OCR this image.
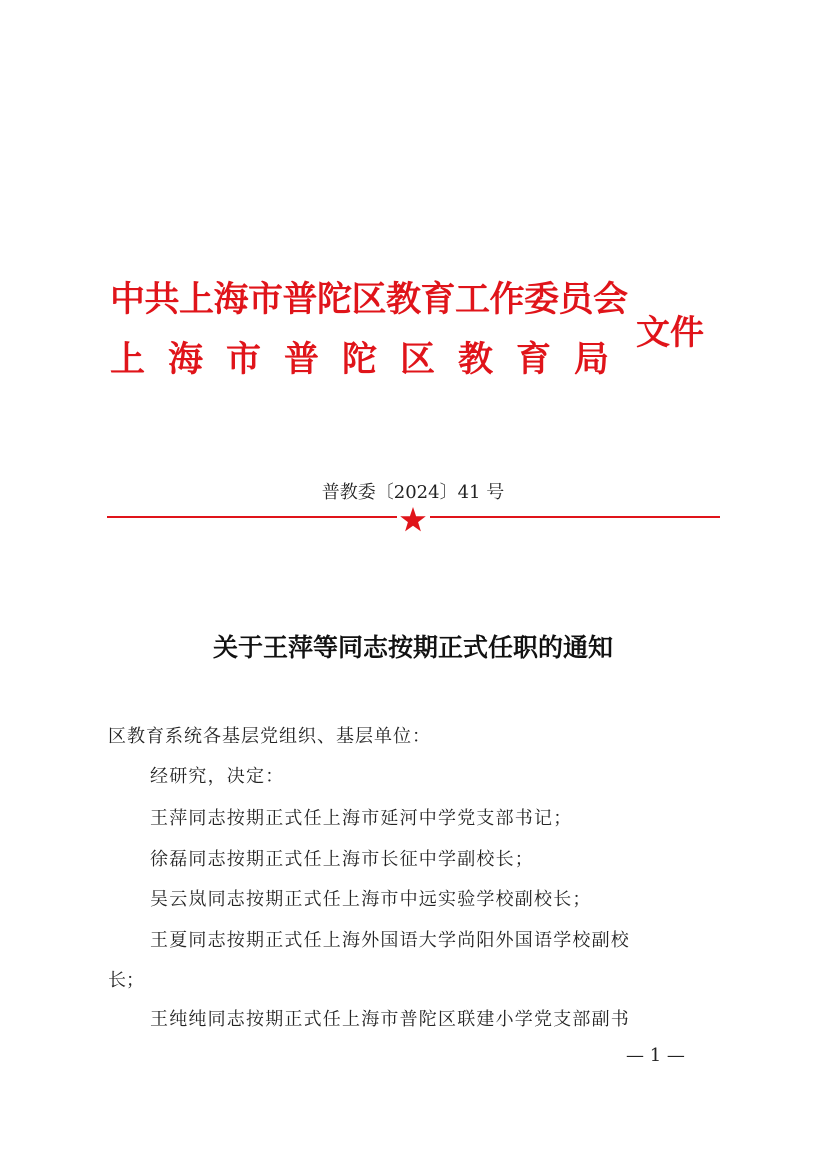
中共上海市普陀区教育工作委员会
上海市普陀区教育局
文件
普教委〔2024〕41 号
关于王萍等同志按期正式任职的通知
区教育系统各基层党组织、基层单位：
经研究，决定：
王萍同志按期正式任上海市延河中学党支部书记；
徐磊同志按期正式任上海市长征中学副校长；
吴云岚同志按期正式任上海市中远实验学校副校长；
王夏同志按期正式任上海外国语大学尚阳外国语学校副校
长；
王纯纯同志按期正式任上海市普陀区联建小学党支部副书
— 1 —
